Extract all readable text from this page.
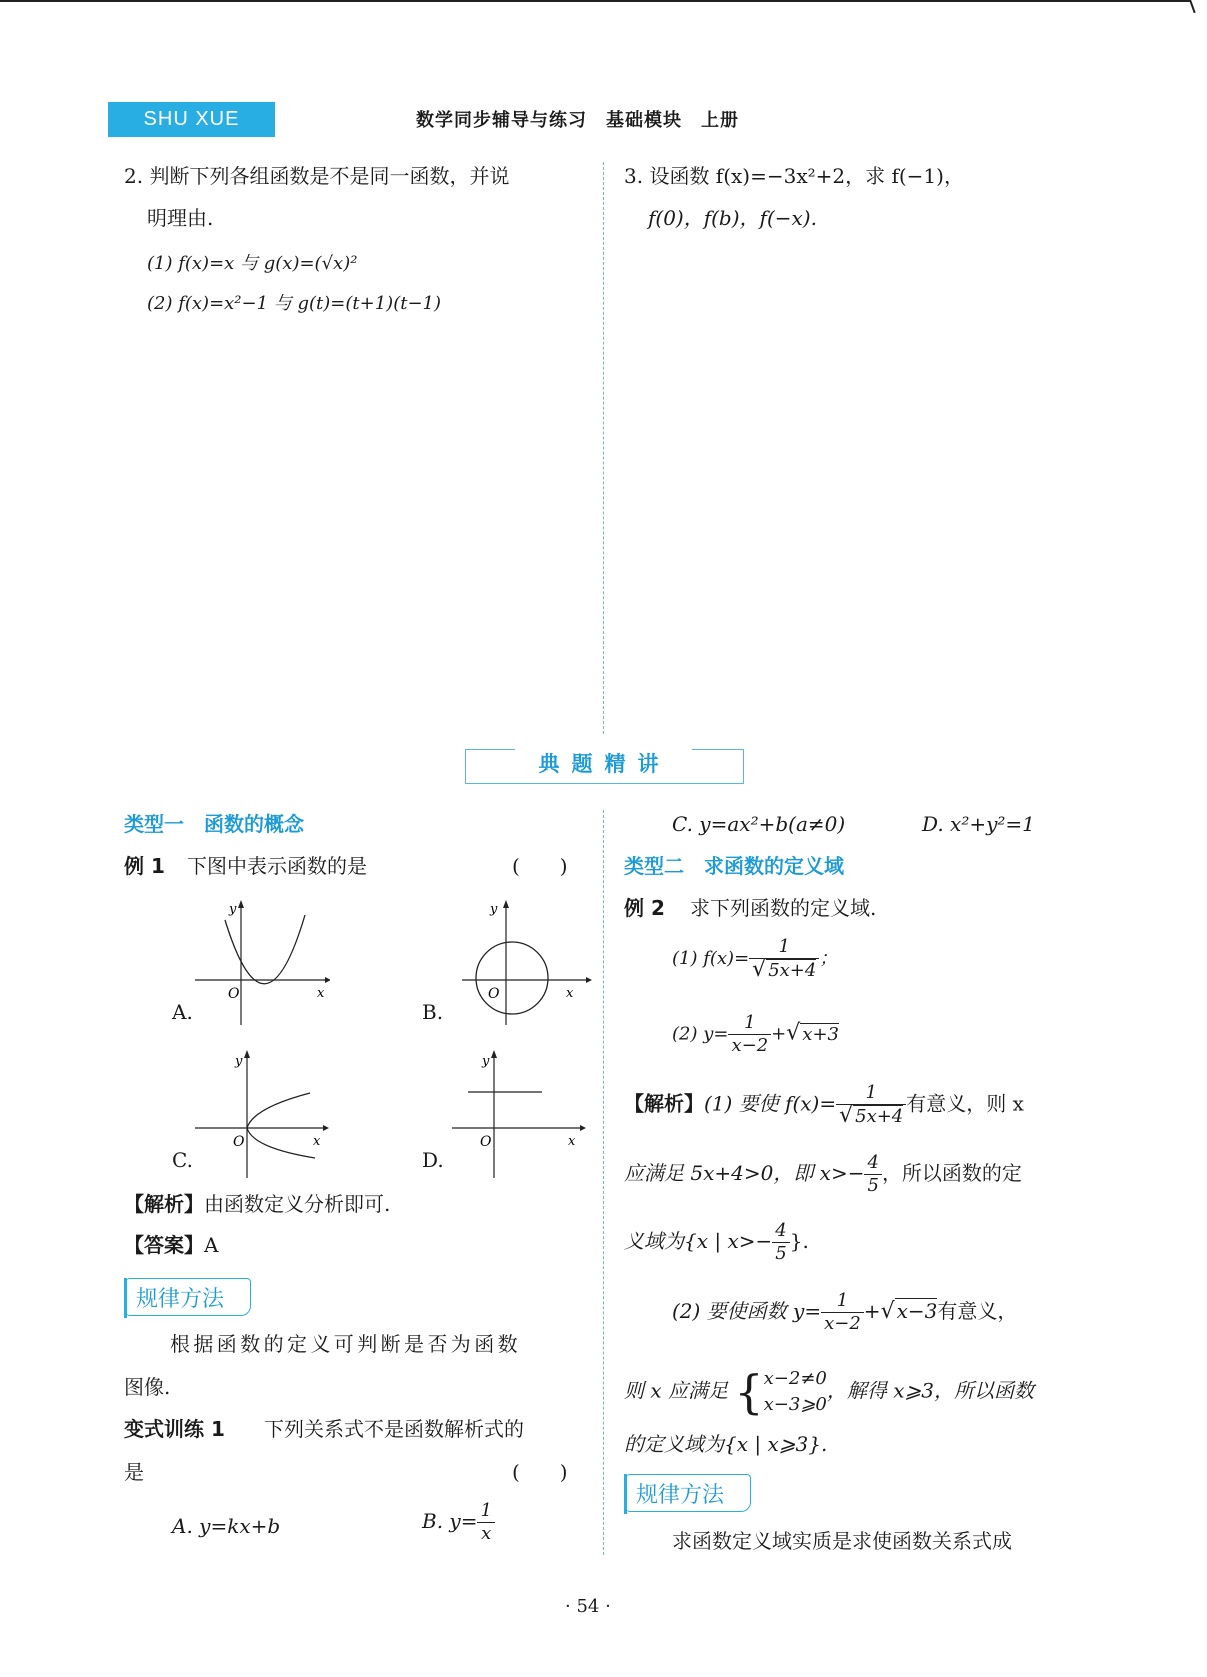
SHU XUE	数学同步辅导与练习　基础模块　上册
2. 判断下列各组函数是不是同一函数，并说
明理由.
(1) f(x)=x 与 g(x)=(√x)²
(2) f(x)=x²−1 与 g(t)=(t+1)(t−1)
3. 设函数 f(x)=−3x²+2，求 f(−1)，
f(0)，f(b)，f(−x).
典题精讲
类型一　函数的概念
例 1 下图中表示函数的是	(　　)
y
x
O
A.
y
x
O
B.
y
x
O
C.
y
x
O
D.
【解析】由函数定义分析即可.
【答案】A
规律方法
根据函数的定义可判断是否为函数
图像.
变式训练 1 下列关系式不是函数解析式的
是	(　　)
A. y=kx+b	B. $y= \frac{1}{x}$
C. y=ax²+b(a≠0)	D. x²+y²=1
类型二　求函数的定义域
例 2 求下列函数的定义域.
(1) $f(x)= \frac{1}{√ 5x+4}$ ；
(2) $y= \frac{1}{x-2}$ +√ x+3
【解析】(1) 要使 $f(x)= \frac{1}{√ 5x+4}$ 有意义，则 x
应满足 5x+4>0，即 $x>- \frac{4}{5}$ ，所以函数的定
义域为{x | $x>- \frac{4}{5}$ }.
(2) 要使函数 $y= \frac{1}{x-2}$ +√ x−3有意义，
则 x 应满足 { x−2≠0
x−3⩾0
，解得 x⩾3，所以函数
的定义域为{x | x⩾3}.
规律方法
求函数定义域实质是求使函数关系式成
· 54 ·
